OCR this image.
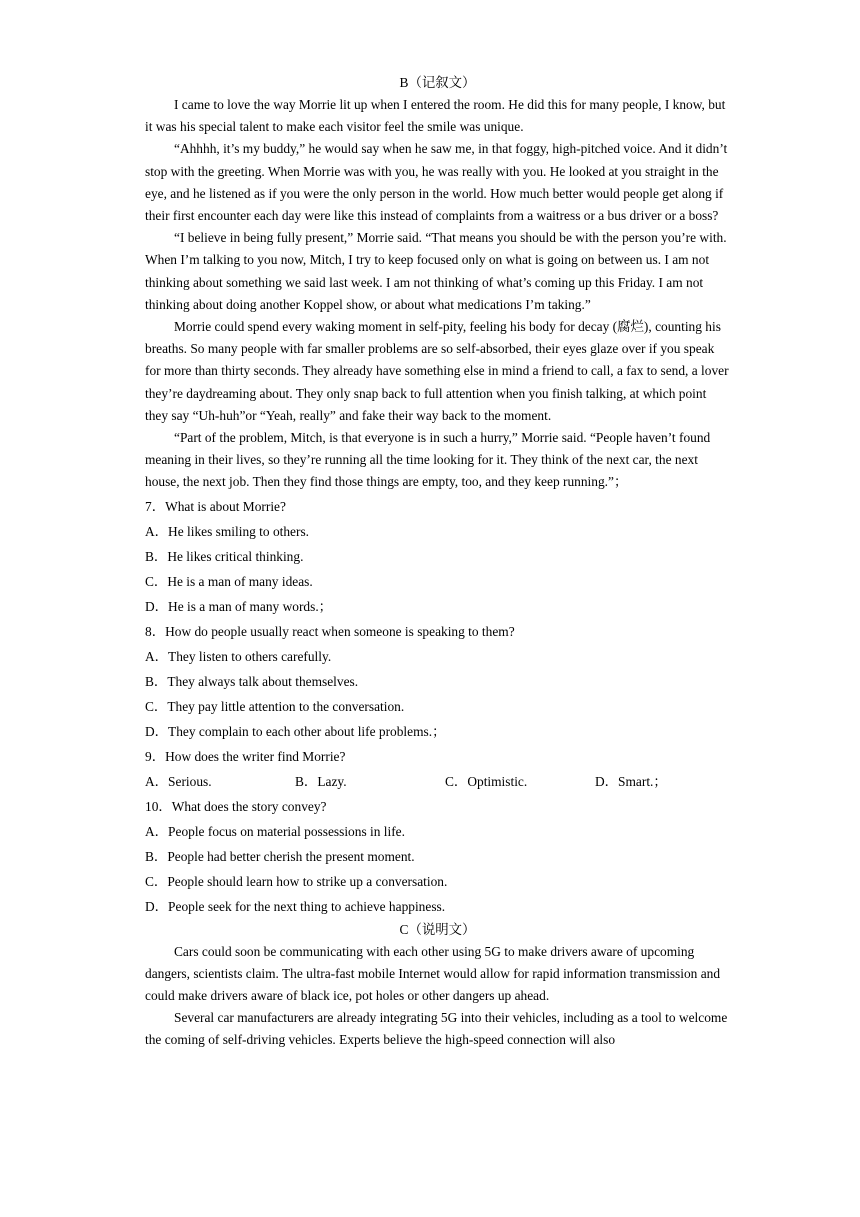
B（记叙文）

I came to love the way Morrie lit up when I entered the room. He did this for many people, I know, but it was his special talent to make each visitor feel the smile was unique.

“Ahhhh, it’s my buddy,” he would say when he saw me, in that foggy, high-pitched voice. And it didn’t stop with the greeting. When Morrie was with you, he was really with you. He looked at you straight in the eye, and he listened as if you were the only person in the world. How much better would people get along if their first encounter each day were like this instead of complaints from a waitress or a bus driver or a boss?

“I believe in being fully present,” Morrie said. “That means you should be with the person you’re with. When I’m talking to you now, Mitch, I try to keep focused only on what is going on between us. I am not thinking about something we said last week. I am not thinking of what’s coming up this Friday. I am not thinking about doing another Koppel show, or about what medications I’m taking.”

Morrie could spend every waking moment in self-pity, feeling his body for decay (腐烂), counting his breaths. So many people with far smaller problems are so self-absorbed, their eyes glaze over if you speak for more than thirty seconds. They already have something else in mind a friend to call, a fax to send, a lover they’re daydreaming about. They only snap back to full attention when you finish talking, at which point they say “Uh-huh”or “Yeah, really” and fake their way back to the moment.

“Part of the problem, Mitch, is that everyone is in such a hurry,” Morrie said. “People haven’t found meaning in their lives, so they’re running all the time looking for it. They think of the next car, the next house, the next job. Then they find those things are empty, too, and they keep running.”；

7．What is about Morrie?
A．He likes smiling to others.
B．He likes critical thinking.
C．He is a man of many ideas.
D．He is a man of many words.；
8．How do people usually react when someone is speaking to them?
A．They listen to others carefully.
B．They always talk about themselves.
C．They pay little attention to the conversation.
D．They complain to each other about life problems.；
9．How does the writer find Morrie?
A．Serious.	B．Lazy.	C．Optimistic.	D．Smart.；
10．What does the story convey?
A．People focus on material possessions in life.
B．People had better cherish the present moment.
C．People should learn how to strike up a conversation.
D．People seek for the next thing to achieve happiness.
C（说明文）

Cars could soon be communicating with each other using 5G to make drivers aware of upcoming dangers, scientists claim. The ultra-fast mobile Internet would allow for rapid information transmission and could make drivers aware of black ice, pot holes or other dangers up ahead.

Several car manufacturers are already integrating 5G into their vehicles, including as a tool to welcome the coming of self-driving vehicles. Experts believe the high-speed connection will also
